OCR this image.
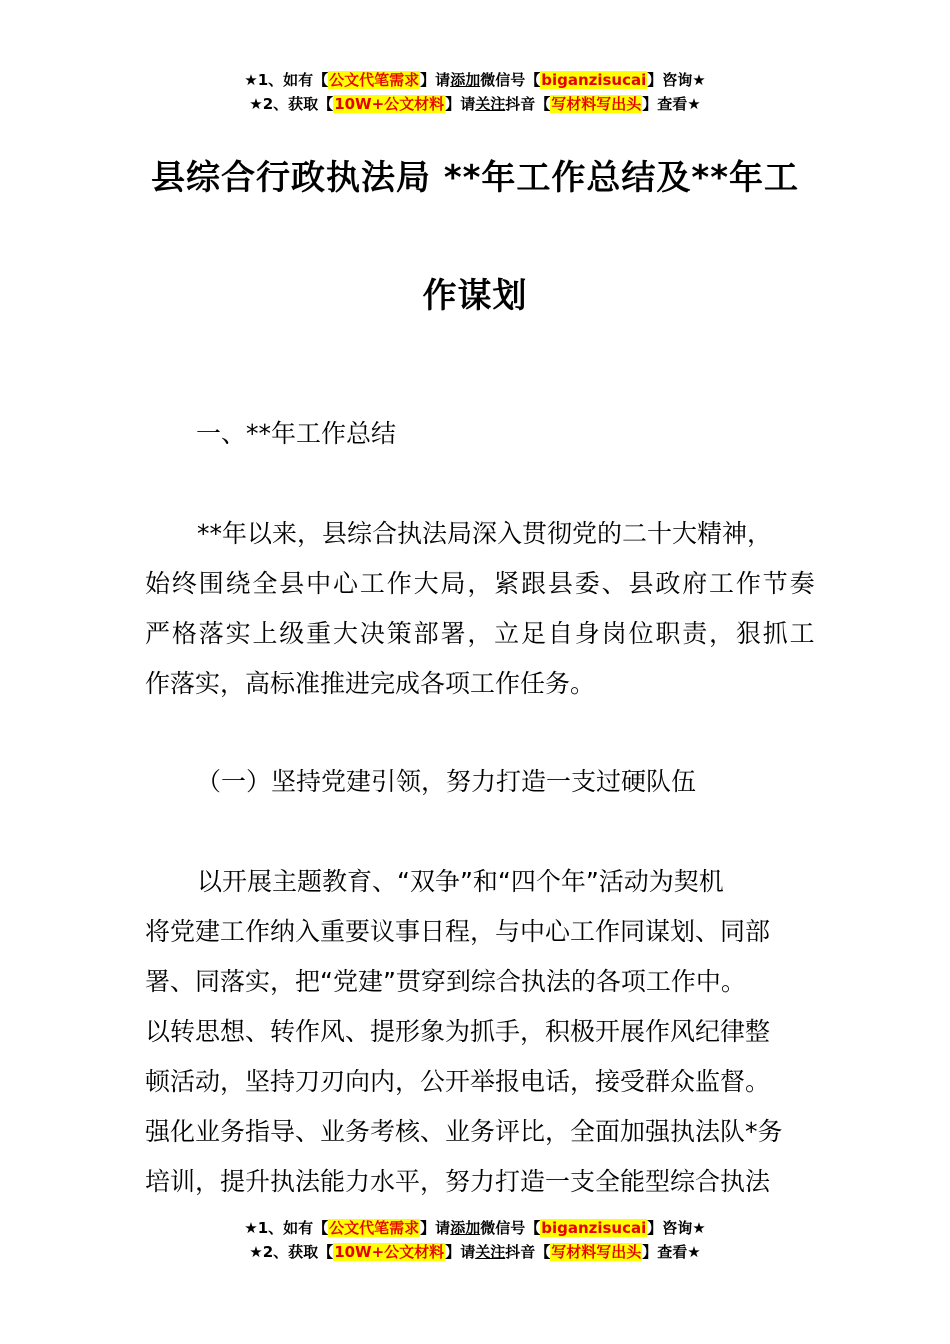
★1、如有【公文代笔需求】请添加微信号【biganzisucai】咨询★
★2、获取【10W+公文材料】请关注抖音【写材料写出头】查看★
县综合行政执法局 **年工作总结及**年工
作谋划
一、**年工作总结
**年以来，县综合执法局深入贯彻党的二十大精神，
始 终 围 绕 全 县 中 心 工 作 大 局 ， 紧 跟 县 委 、 县 政 府 工 作 节 奏
严 格 落 实 上 级 重 大 决 策 部 署 ， 立 足 自 身 岗 位 职 责 ， 狠 抓 工
作落实，高标准推进完成各项工作任务。
（一）坚持党建引领，努力打造一支过硬队伍
以开展主题教育、“双争”和“四个年”活动为契机
将党建工作纳入重要议事日程，与中心工作同谋划、同部
署、同落实，把“党建”贯穿到综合执法的各项工作中。
以转思想、转作风、提形象为抓手，积极开展作风纪律整
顿活动，坚持刀刃向内，公开举报电话，接受群众监督。
强化业务指导、业务考核、业务评比，全面加强执法队*务
培训，提升执法能力水平，努力打造一支全能型综合执法
★1、如有【公文代笔需求】请添加微信号【biganzisucai】咨询★
★2、获取【10W+公文材料】请关注抖音【写材料写出头】查看★
